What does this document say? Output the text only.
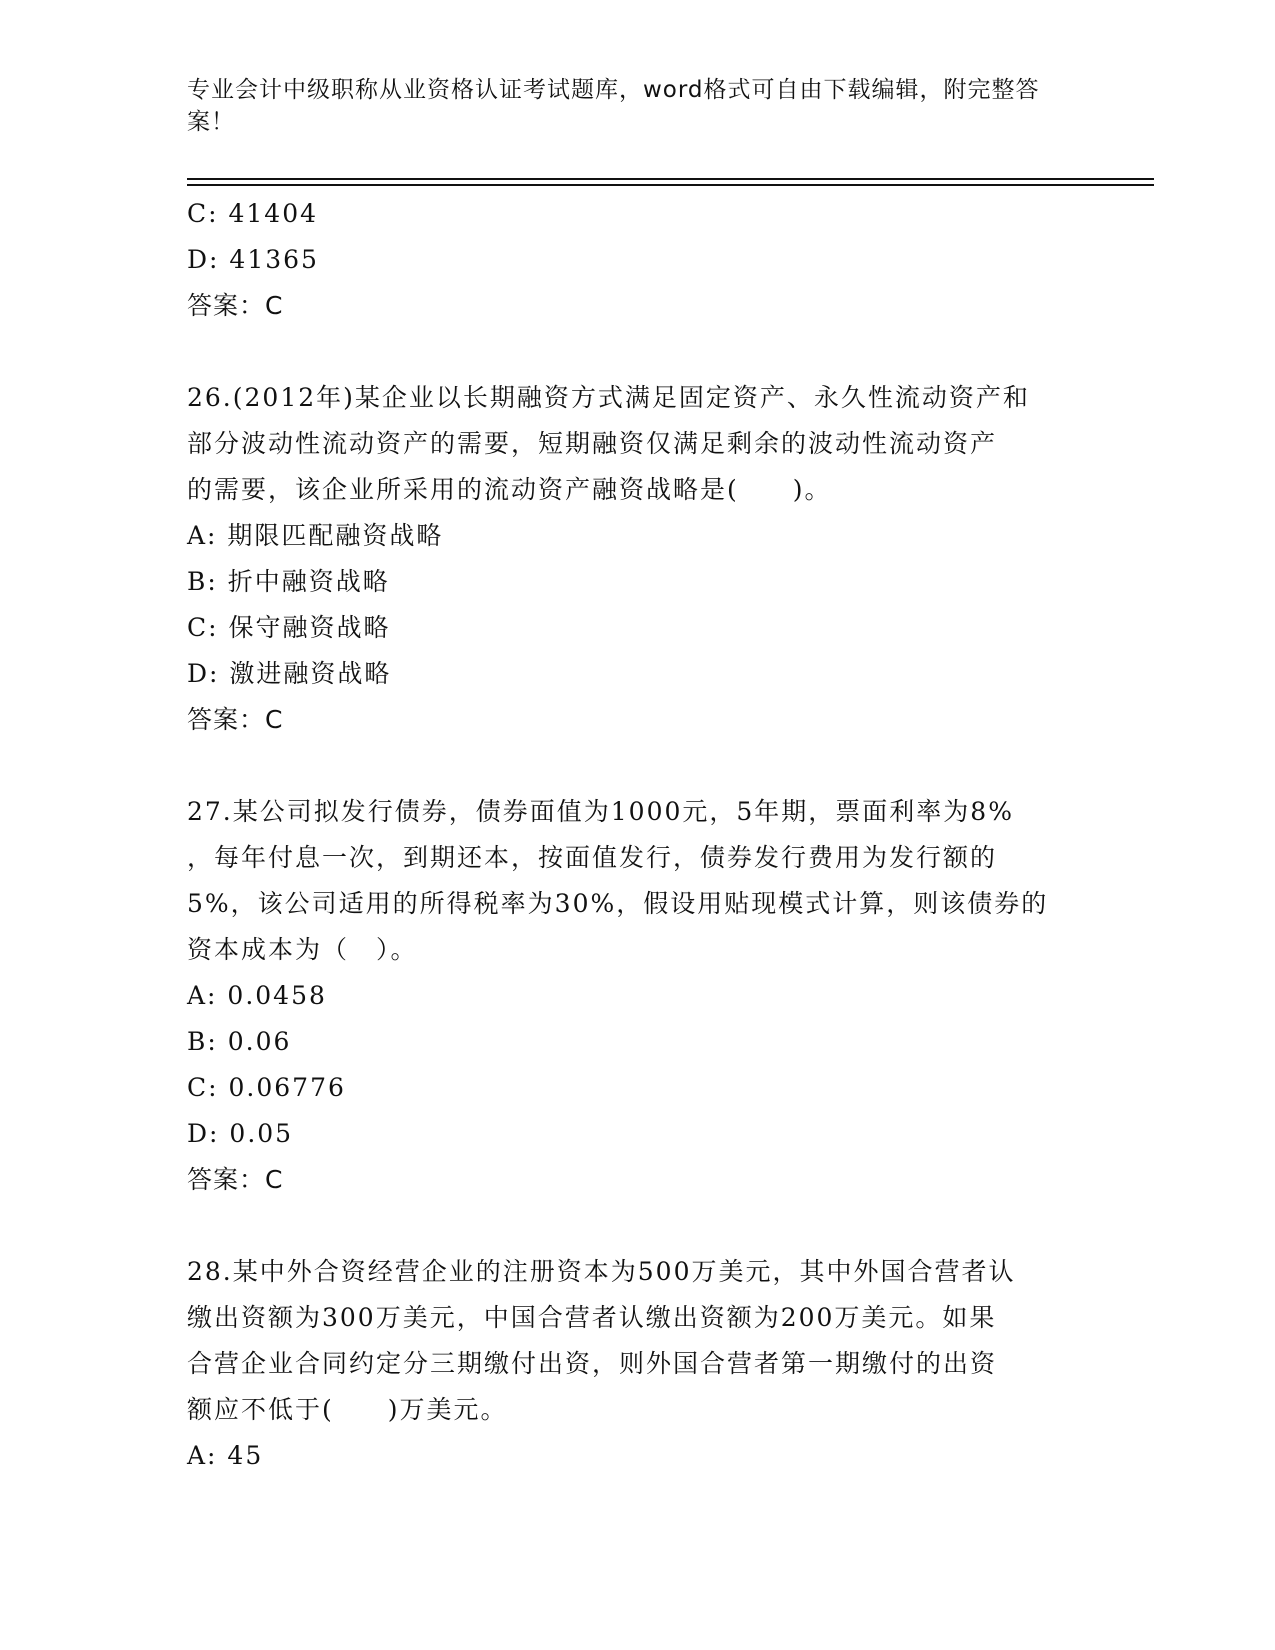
专业会计中级职称从业资格认证考试题库，word格式可自由下载编辑，附完整答案！
C: 41404
D: 41365
答案：C
26.(2012年)某企业以长期融资方式满足固定资产、永久性流动资产和
部分波动性流动资产的需要，短期融资仅满足剩余的波动性流动资产
的需要，该企业所采用的流动资产融资战略是(　　)。
A: 期限匹配融资战略
B: 折中融资战略
C: 保守融资战略
D: 激进融资战略
答案：C
27.某公司拟发行债券，债券面值为1000元，5年期，票面利率为8%
，每年付息一次，到期还本，按面值发行，债券发行费用为发行额的
5%，该公司适用的所得税率为30%，假设用贴现模式计算，则该债券的
资本成本为（　）。
A: 0.0458
B: 0.06
C: 0.06776
D: 0.05
答案：C
28.某中外合资经营企业的注册资本为500万美元，其中外国合营者认
缴出资额为300万美元，中国合营者认缴出资额为200万美元。如果
合营企业合同约定分三期缴付出资，则外国合营者第一期缴付的出资
额应不低于(　　)万美元。
A: 45
